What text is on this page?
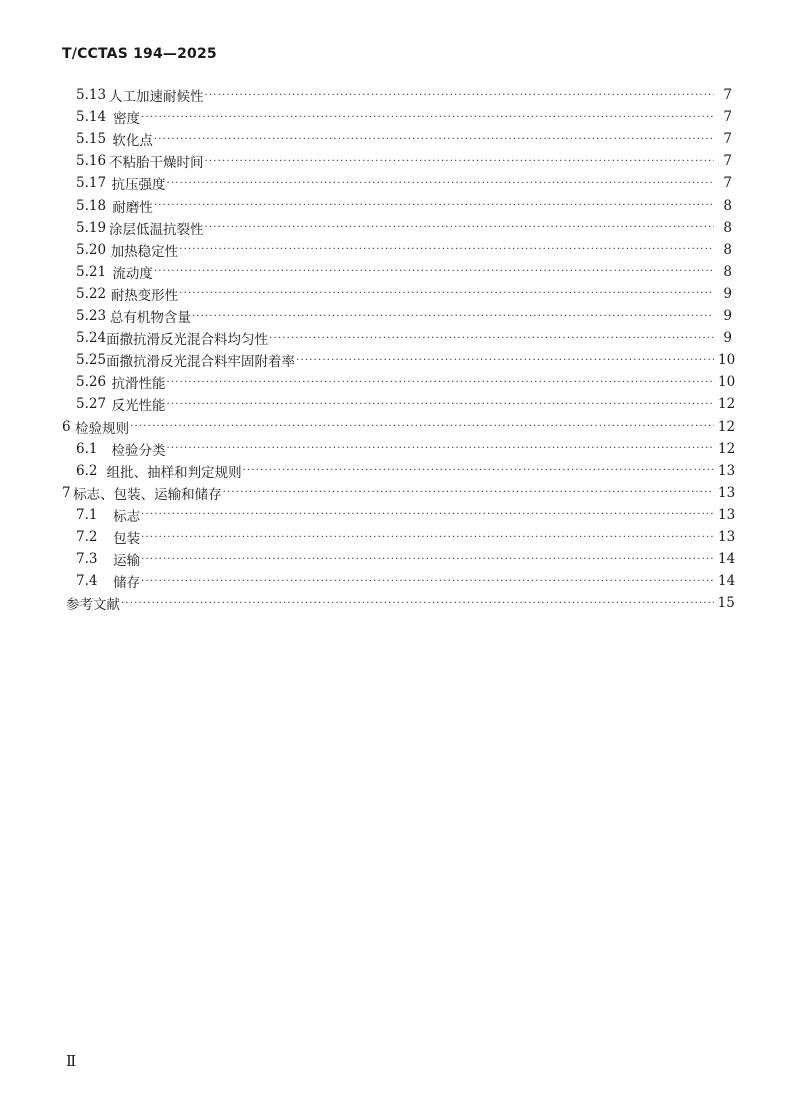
T/CCTAS 194—2025
5.13 人工加速耐候性 ·····	7
5.14 密度 ·····	7
5.15 软化点 ·····	7
5.16 不粘胎干燥时间 ·····	7
5.17 抗压强度 ·····	7
5.18 耐磨性 ·····	8
5.19 涂层低温抗裂性 ·····	8
5.20 加热稳定性 ·····	8
5.21 流动度 ·····	8
5.22 耐热变形性 ·····	9
5.23 总有机物含量 ·····	9
5.24 面撒抗滑反光混合料均匀性 ·····	9
5.25 面撒抗滑反光混合料牢固附着率 ·····	10
5.26 抗滑性能 ·····	10
5.27 反光性能 ·····	12
6 检验规则 ·····	12
6.1	检验分类 ·····	12
6.2 组批、抽样和判定规则 ·····	13
7 标志、包装、运输和储存 ·····	13
7.1	标志 ·····	13
7.2	包装 ·····	13
7.3	运输 ·····	14
7.4	储存 ·····	14
参考文献 ·····	15
Ⅱ
